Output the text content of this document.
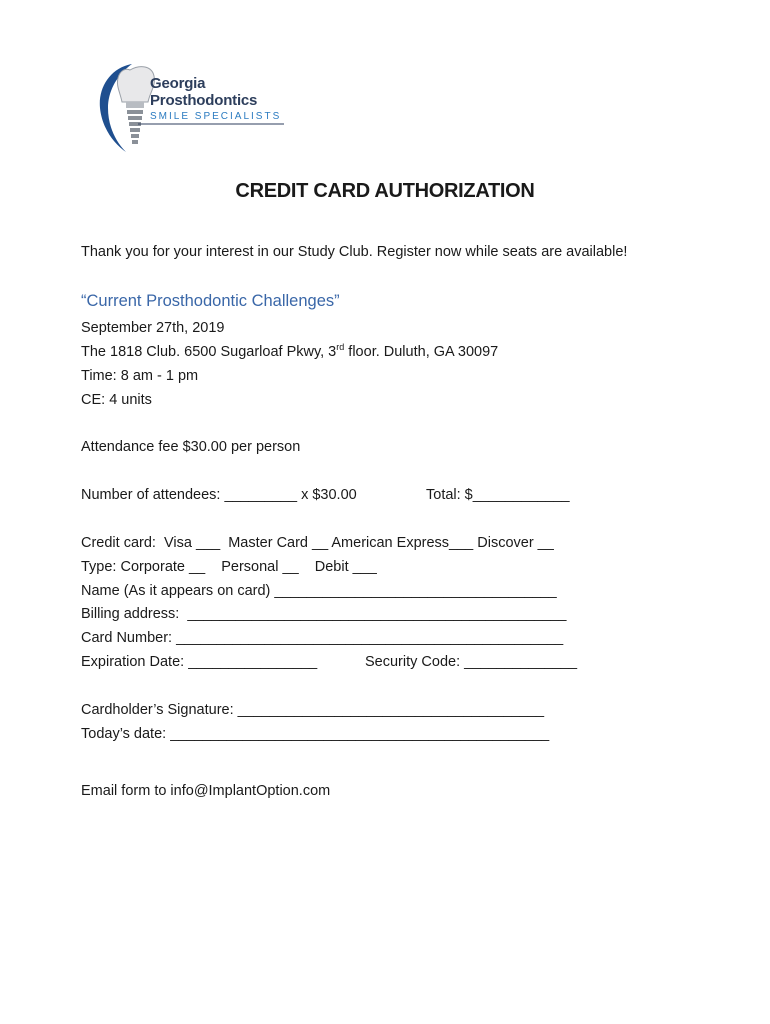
Georgia
Prosthodontics
SMILE SPECIALISTS
CREDIT CARD AUTHORIZATION
Thank you for your interest in our Study Club. Register now while seats are available!
“Current Prosthodontic Challenges”
September 27th, 2019
The 1818 Club. 6500 Sugarloaf Pkwy, 3rd floor. Duluth, GA 30097
Time: 8 am - 1 pm
CE: 4 units
Attendance fee $30.00 per person
Number of attendees: _________ x $30.00	Total: $____________
Credit card:  Visa ___  Master Card __ American Express___ Discover __
Type: Corporate __    Personal __    Debit ___
Name (As it appears on card) ___________________________________
Billing address:  _______________________________________________
Card Number: ________________________________________________
Expiration Date: ________________	Security Code: ______________
Cardholder’s Signature: ______________________________________
Today’s date: _______________________________________________
Email form to info@ImplantOption.com
